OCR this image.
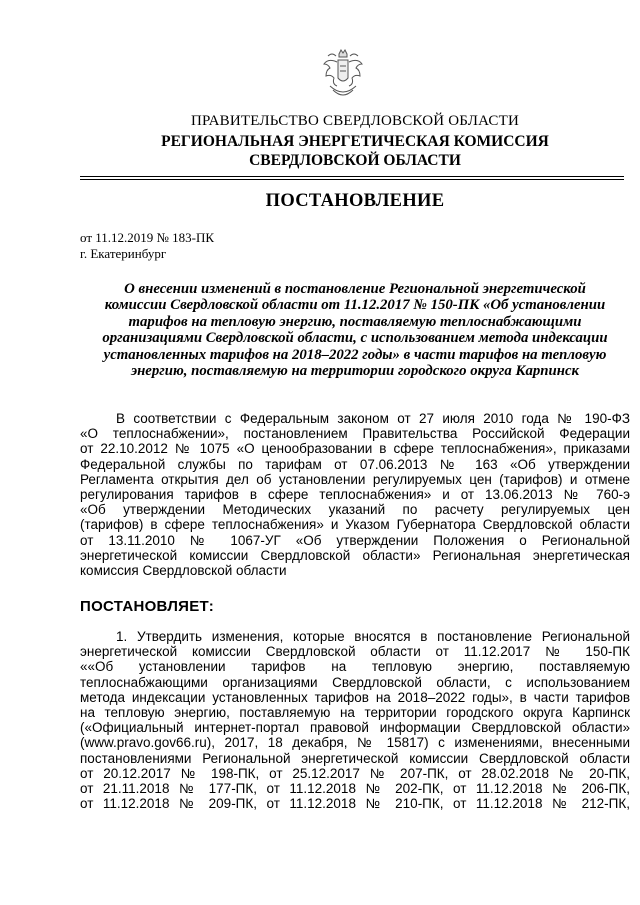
ПРАВИТЕЛЬСТВО СВЕРДЛОВСКОЙ ОБЛАСТИ
РЕГИОНАЛЬНАЯ ЭНЕРГЕТИЧЕСКАЯ КОМИССИЯ
СВЕРДЛОВСКОЙ ОБЛАСТИ
ПОСТАНОВЛЕНИЕ
от 11.12.2019 № 183-ПК
г. Екатеринбург
О внесении изменений в постановление Региональной энергетической
комиссии Свердловской области от 11.12.2017 № 150-ПК «Об установлении
тарифов на тепловую энергию, поставляемую теплоснабжающими
организациями Свердловской области, с использованием метода индексации
установленных тарифов на 2018–2022 годы» в части тарифов на тепловую
энергию, поставляемую на территории городского округа Карпинск
В соответствии с Федеральным законом от 27 июля 2010 года № 190-ФЗ
«О теплоснабжении», постановлением Правительства Российской Федерации
от 22.10.2012 № 1075 «О ценообразовании в сфере теплоснабжения», приказами
Федеральной службы по тарифам от 07.06.2013 № 163 «Об утверждении
Регламента открытия дел об установлении регулируемых цен (тарифов) и отмене
регулирования тарифов в сфере теплоснабжения» и от 13.06.2013 № 760-э
«Об утверждении Методических указаний по расчету регулируемых цен
(тарифов) в сфере теплоснабжения» и Указом Губернатора Свердловской области
от 13.11.2010 № 1067-УГ «Об утверждении Положения о Региональной
энергетической комиссии Свердловской области» Региональная энергетическая
комиссия Свердловской области
ПОСТАНОВЛЯЕТ:
1. Утвердить изменения, которые вносятся в постановление Региональной
энергетической комиссии Свердловской области от 11.12.2017 № 150-ПК
««Об установлении тарифов на тепловую энергию, поставляемую
теплоснабжающими организациями Свердловской области, с использованием
метода индексации установленных тарифов на 2018–2022 годы», в части тарифов
на тепловую энергию, поставляемую на территории городского округа Карпинск
(«Официальный интернет-портал правовой информации Свердловской области»
(www.pravo.gov66.ru), 2017, 18 декабря, № 15817) с изменениями, внесенными
постановлениями Региональной энергетической комиссии Свердловской области
от 20.12.2017 № 198-ПК, от 25.12.2017 № 207-ПК, от 28.02.2018 № 20-ПК,
от 21.11.2018 № 177-ПК, от 11.12.2018 № 202-ПК, от 11.12.2018 № 206-ПК,
от 11.12.2018 № 209-ПК, от 11.12.2018 № 210-ПК, от 11.12.2018 № 212-ПК,
